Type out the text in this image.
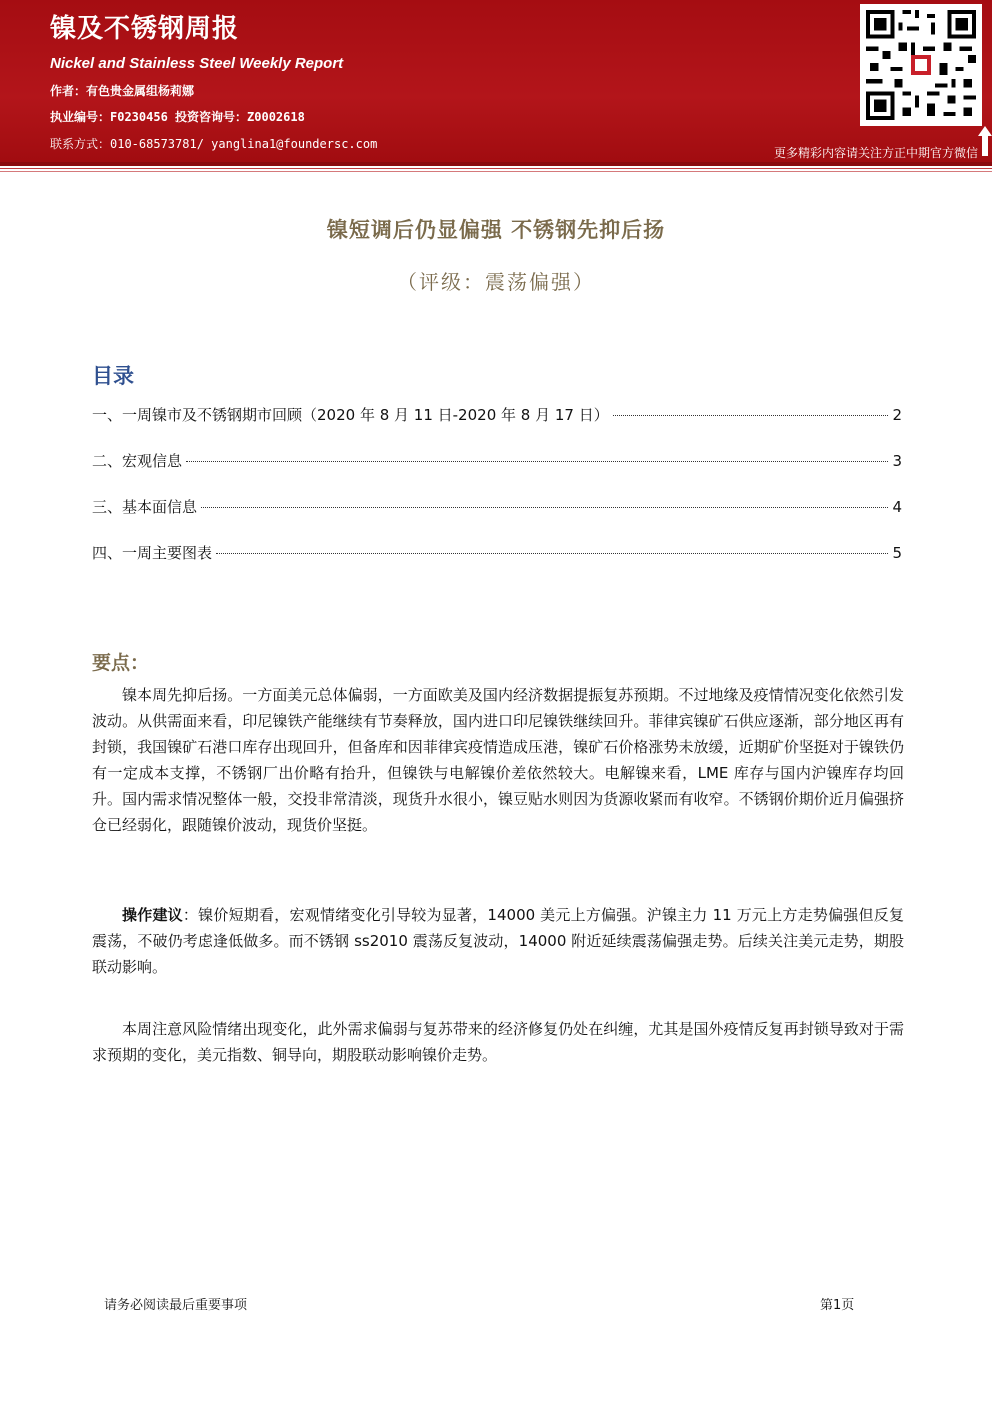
镍及不锈钢周报
Nickel and Stainless Steel Weekly Report
作者：有色贵金属组杨莉娜
执业编号：F0230456 投资咨询号：Z0002618
联系方式：010-68573781/ yanglina1@foundersc.com
更多精彩内容请关注方正中期官方微信
镍短调后仍显偏强 不锈钢先抑后扬
（评级：震荡偏强）
目录
一、一周镍市及不锈钢期市回顾（2020 年 8 月 11 日-2020 年 8 月 17 日）	2
二、宏观信息	3
三、基本面信息	4
四、一周主要图表	5
要点：
镍本周先抑后扬。一方面美元总体偏弱，一方面欧美及国内经济数据提振复苏预期。不过地缘及疫情情况变化依然引发波动。从供需面来看，印尼镍铁产能继续有节奏释放，国内进口印尼镍铁继续回升。菲律宾镍矿石供应逐渐，部分地区再有封锁，我国镍矿石港口库存出现回升，但备库和因菲律宾疫情造成压港，镍矿石价格涨势未放缓，近期矿价坚挺对于镍铁仍有一定成本支撑，不锈钢厂出价略有抬升，但镍铁与电解镍价差依然较大。电解镍来看，LME 库存与国内沪镍库存均回升。国内需求情况整体一般，交投非常清淡，现货升水很小，镍豆贴水则因为货源收紧而有收窄。不锈钢价期价近月偏强挤仓已经弱化，跟随镍价波动，现货价坚挺。
操作建议：镍价短期看，宏观情绪变化引导较为显著，14000 美元上方偏强。沪镍主力 11 万元上方走势偏强但反复震荡，不破仍考虑逢低做多。而不锈钢 ss2010 震荡反复波动，14000 附近延续震荡偏强走势。后续关注美元走势，期股联动影响。
本周注意风险情绪出现变化，此外需求偏弱与复苏带来的经济修复仍处在纠缠，尤其是国外疫情反复再封锁导致对于需求预期的变化，美元指数、铜导向，期股联动影响镍价走势。
请务必阅读最后重要事项	第1页
